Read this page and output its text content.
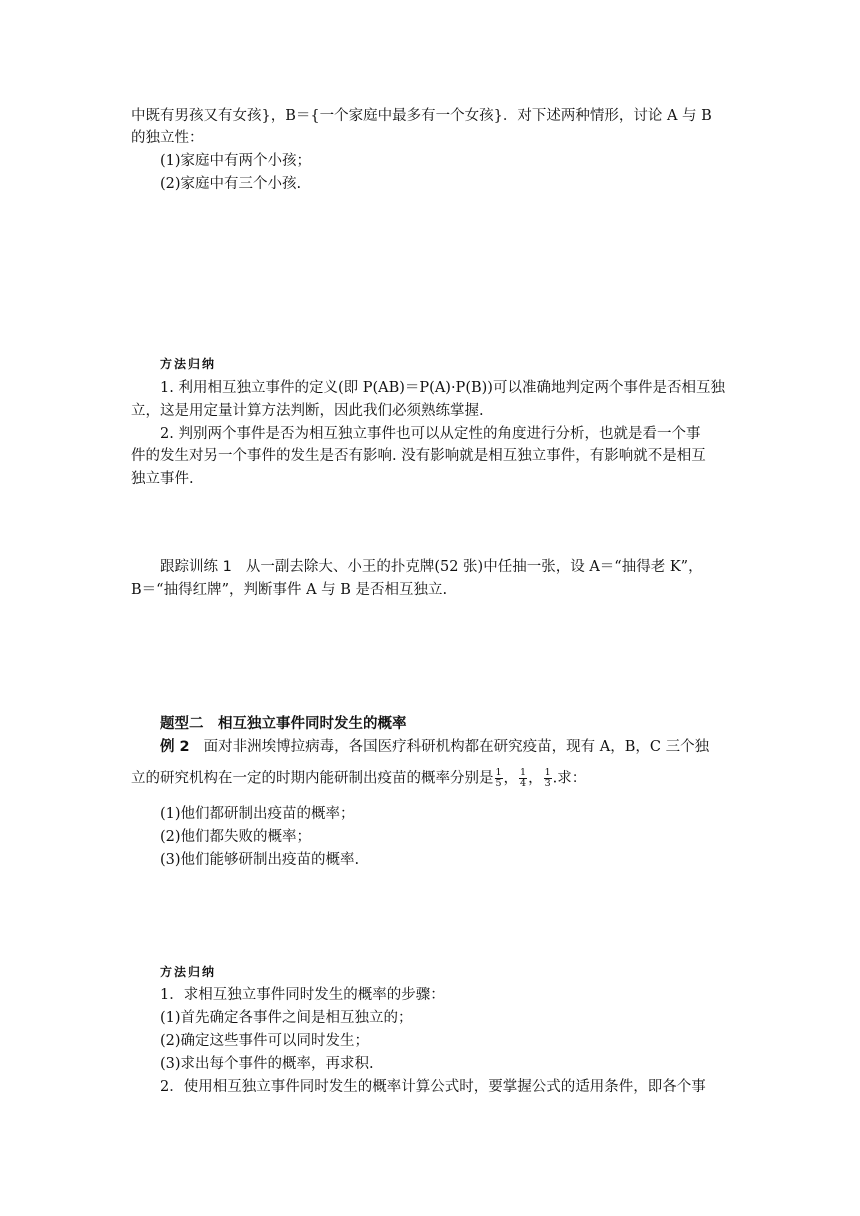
中既有男孩又有女孩}，B＝{一个家庭中最多有一个女孩}．对下述两种情形，讨论 A 与 B
的独立性：
(1)家庭中有两个小孩；
(2)家庭中有三个小孩.
方法归纳
1. 利用相互独立事件的定义(即 P(AB)＝P(A)·P(B))可以准确地判定两个事件是否相互独
立，这是用定量计算方法判断，因此我们必须熟练掌握.
2. 判别两个事件是否为相互独立事件也可以从定性的角度进行分析，也就是看一个事
件的发生对另一个事件的发生是否有影响. 没有影响就是相互独立事件，有影响就不是相互
独立事件.
跟踪训练 1 从一副去除大、小王的扑克牌(52 张)中任抽一张，设 A＝“抽得老 K”，
B＝“抽得红牌”，判断事件 A 与 B 是否相互独立.
题型二　相互独立事件同时发生的概率
例 2 面对非洲埃博拉病毒，各国医疗科研机构都在研究疫苗，现有 A，B，C 三个独
立的研究机构在一定的时期内能研制出疫苗的概率分别是 $\frac{1}{5}$ ， $\frac{1}{4}$ ， $\frac{1}{3}$ .求：
(1)他们都研制出疫苗的概率；
(2)他们都失败的概率；
(3)他们能够研制出疫苗的概率.
方法归纳
1．求相互独立事件同时发生的概率的步骤：
(1)首先确定各事件之间是相互独立的；
(2)确定这些事件可以同时发生；
(3)求出每个事件的概率，再求积.
2．使用相互独立事件同时发生的概率计算公式时，要掌握公式的适用条件，即各个事
